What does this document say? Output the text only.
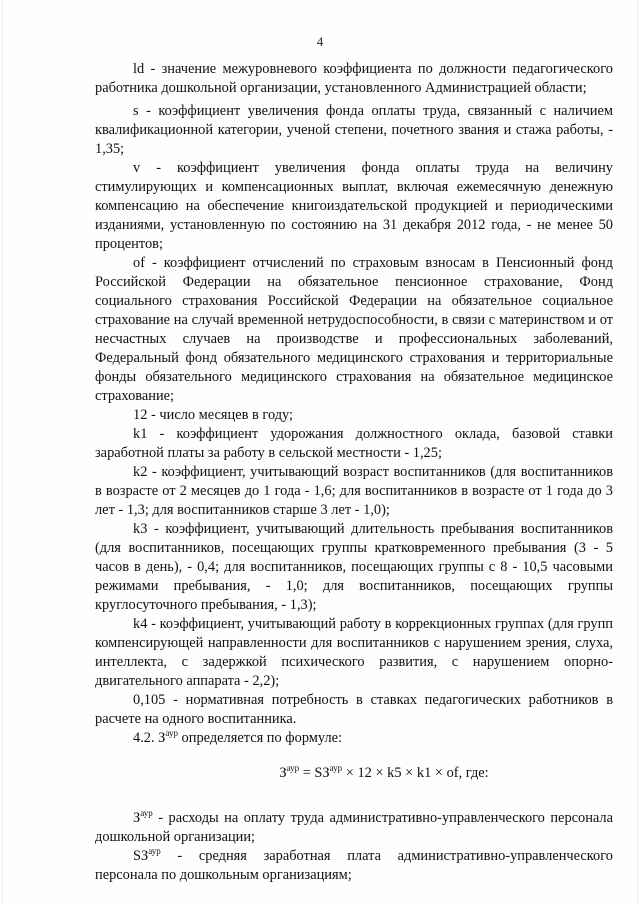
4

ld - значение межуровневого коэффициента по должности педагогического работника дошкольной организации, установленного Администрацией области;

s - коэффициент увеличения фонда оплаты труда, связанный с наличием квалификационной категории, ученой степени, почетного звания и стажа работы, - 1,35;

v - коэффициент увеличения фонда оплаты труда на величину стимулирующих и компенсационных выплат, включая ежемесячную денежную компенсацию на обеспечение книгоиздательской продукцией и периодическими изданиями, установленную по состоянию на 31 декабря 2012 года, - не менее 50 процентов;

of - коэффициент отчислений по страховым взносам в Пенсионный фонд Российской Федерации на обязательное пенсионное страхование, Фонд социального страхования Российской Федерации на обязательное социальное страхование на случай временной нетрудоспособности, в связи с материнством и от несчастных случаев на производстве и профессиональных заболеваний, Федеральный фонд обязательного медицинского страхования и территориальные фонды обязательного медицинского страхования на обязательное медицинское страхование;

12 - число месяцев в году;

k1 - коэффициент удорожания должностного оклада, базовой ставки заработной платы за работу в сельской местности - 1,25;

k2 - коэффициент, учитывающий возраст воспитанников (для воспитанников в возрасте от 2 месяцев до 1 года - 1,6; для воспитанников в возрасте от 1 года до 3 лет - 1,3; для воспитанников старше 3 лет - 1,0);

k3 - коэффициент, учитывающий длительность пребывания воспитанников (для воспитанников, посещающих группы кратковременного пребывания (3 - 5 часов в день), - 0,4; для воспитанников, посещающих группы с 8 - 10,5 часовыми режимами пребывания, - 1,0; для воспитанников, посещающих группы круглосуточного пребывания, - 1,3);

k4 - коэффициент, учитывающий работу в коррекционных группах (для групп компенсирующей направленности для воспитанников с нарушением зрения, слуха, интеллекта, с задержкой психического развития, с нарушением опорно-двигательного аппарата - 2,2);

0,105 - нормативная потребность в ставках педагогических работников в расчете на одного воспитанника.

4.2. $З^{аур}$ определяется по формуле:

$З^{аур} = SЗ^{аур} \times 12 \times k5 \times k1$ × of, где:

$З^{аур}$ - расходы на оплату труда административно-управленческого персонала дошкольной организации;

$SЗ^{аур}$ - средняя заработная плата административно-управленческого персонала по дошкольным организациям;
